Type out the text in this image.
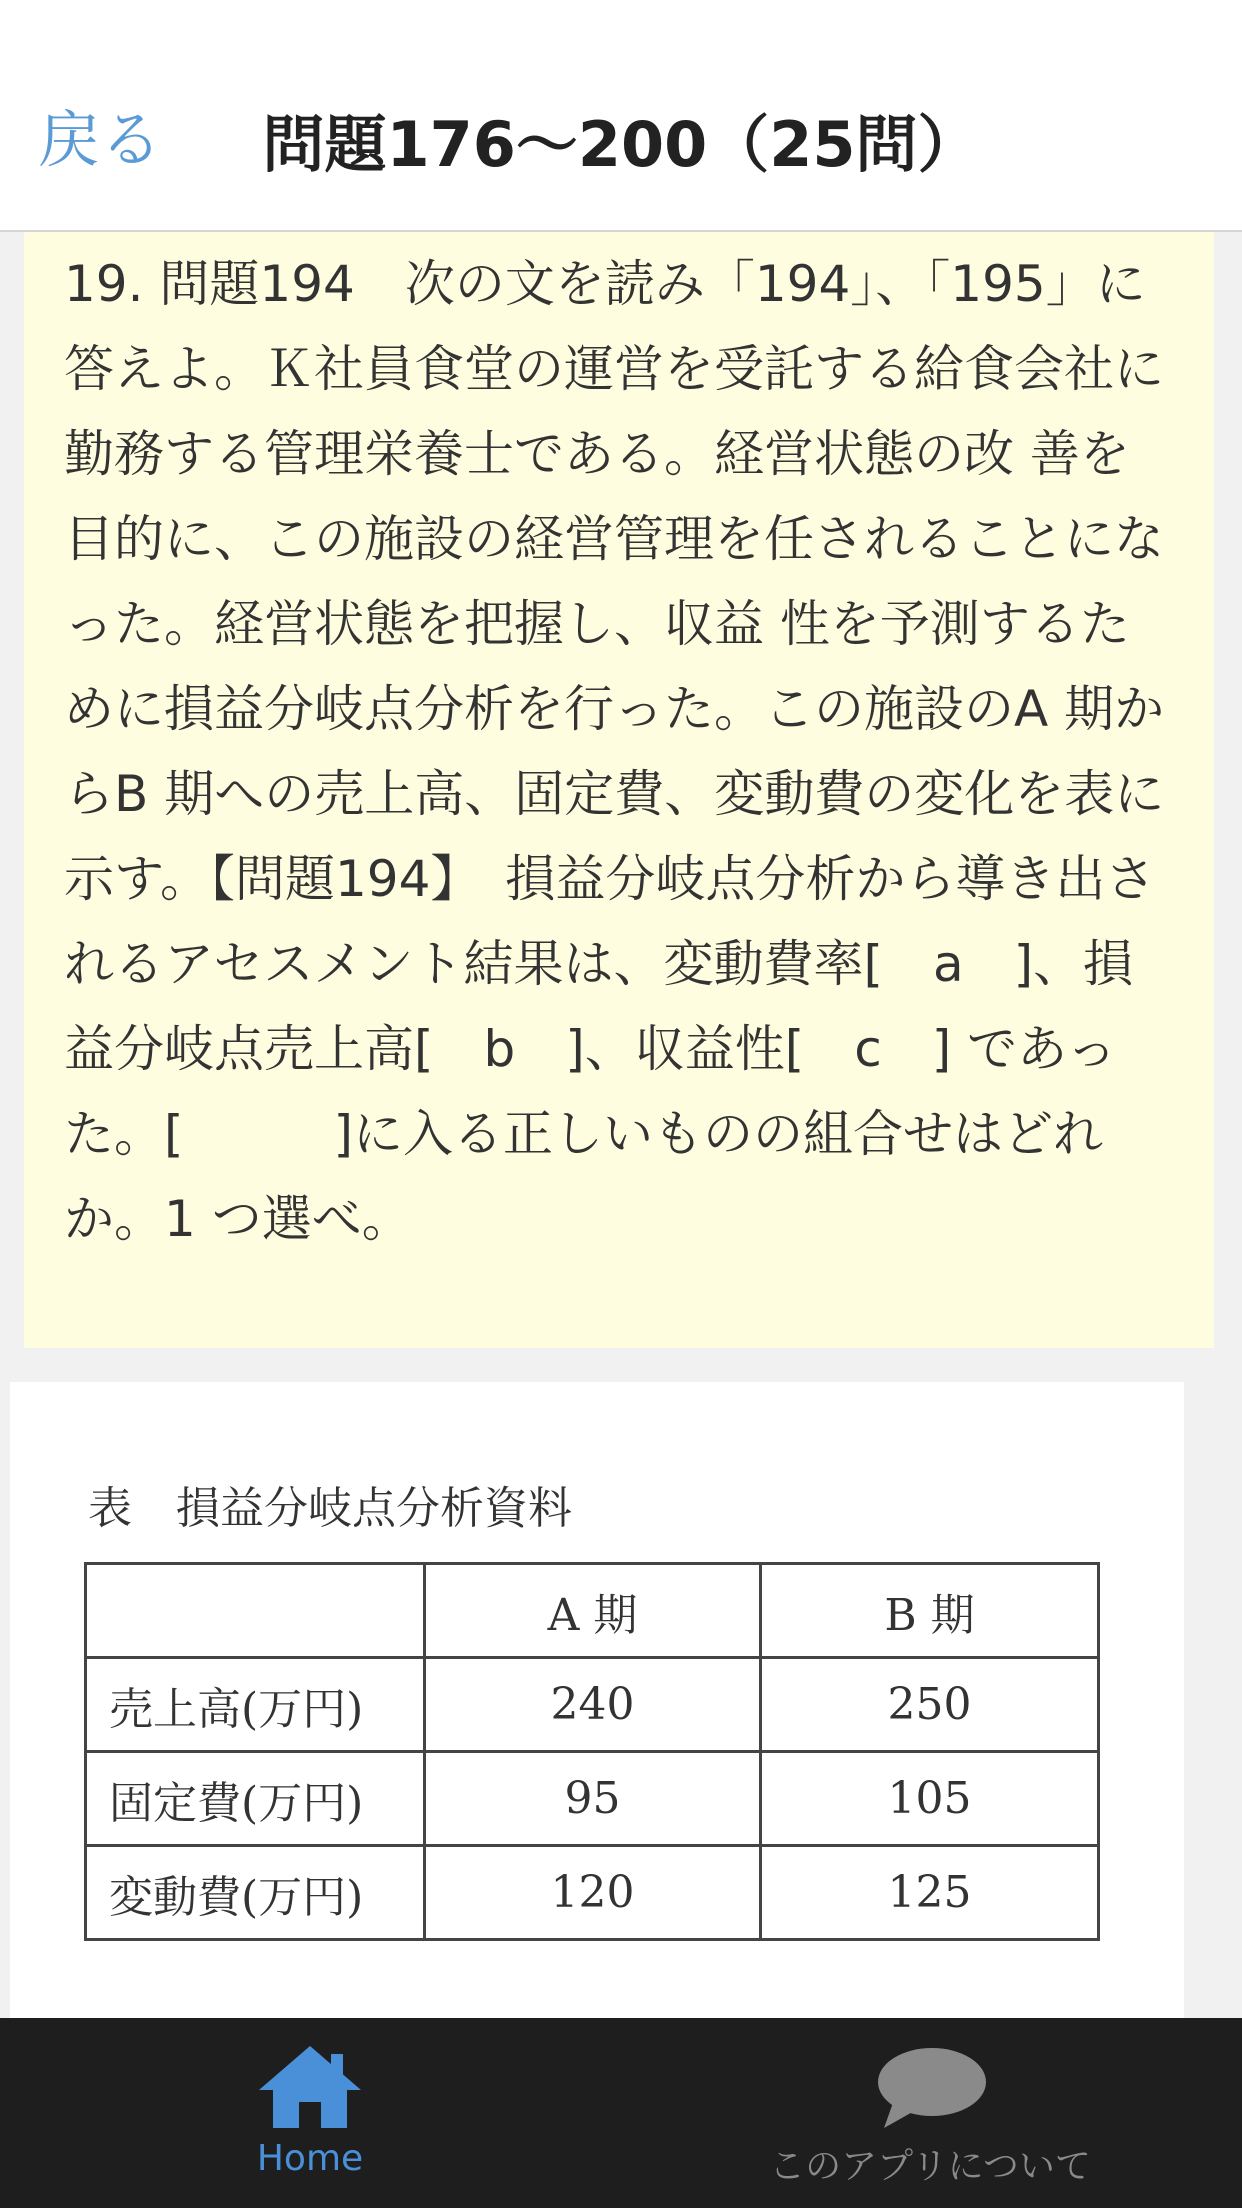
戻る	問題176〜200（25問）

19. 問題194　次の文を読み「194」、「195」に答えよ。Ｋ社員食堂の運営を受託する給食会社に勤務する管理栄養士である。経営状態の改 善を目的に、この施設の経営管理を任されることになった。経営状態を把握し、収益 性を予測するために損益分岐点分析を行った。この施設のA 期からB 期への売上高、固定費、変動費の変化を表に示す。【問題194】　損益分岐点分析から導き出されるアセスメント結果は、変動費率[　a　]、損 益分岐点売上高[　b　]、収益性[　c　] であった。[　　　]に入る正しいものの組合せはどれか。1 つ選べ。

表　損益分岐点分析資料
	A 期	B 期
売上高(万円)	240	250
固定費(万円)	95	105
変動費(万円)	120	125
Home	このアプリについて
